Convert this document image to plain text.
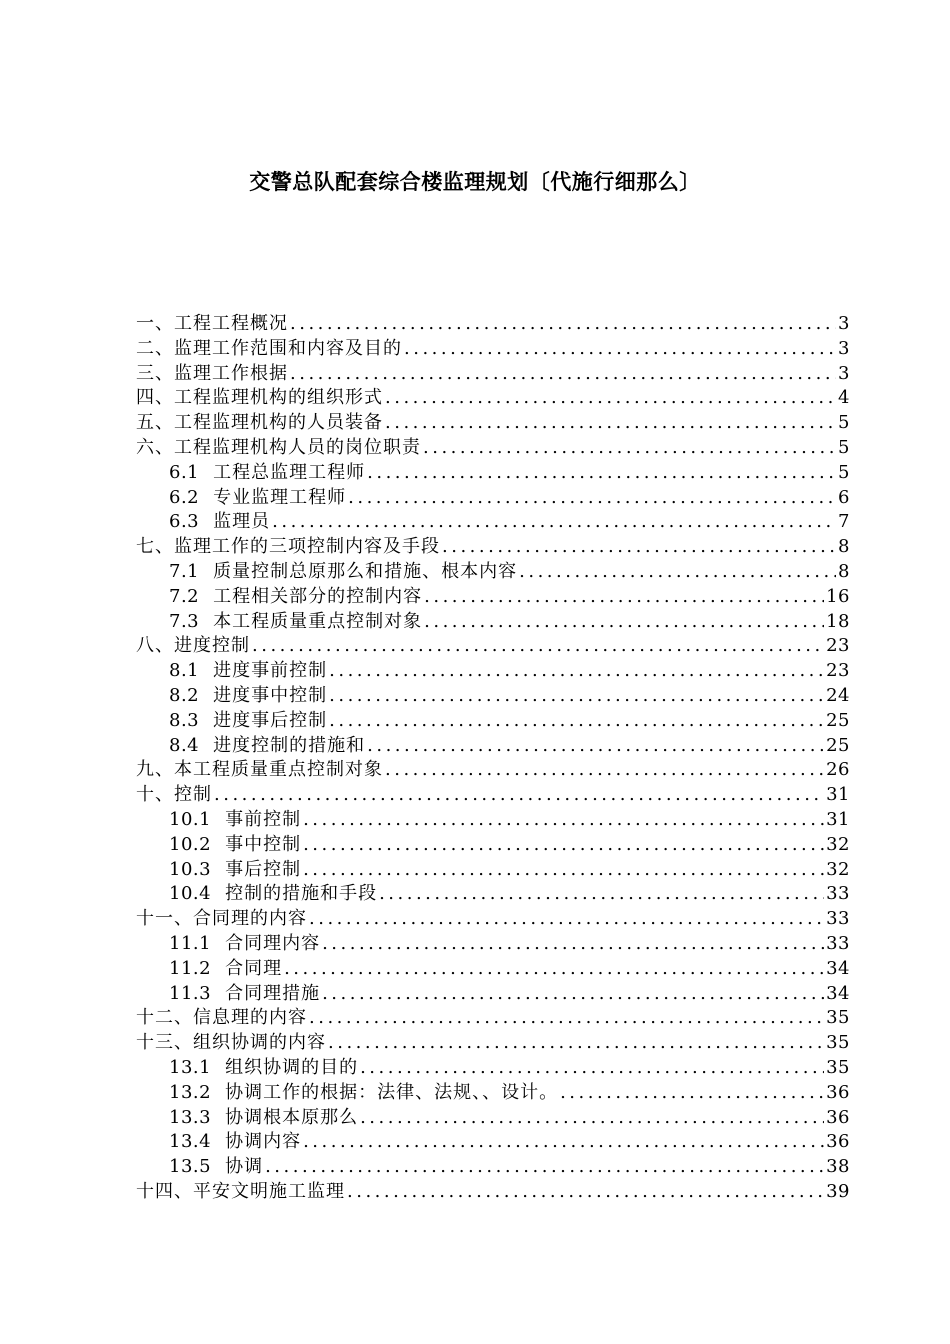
交警总队配套综合楼监理规划〔代施行细那么〕
一、工程工程概况 .....	3
二、监理工作范围和内容及目的 .....	3
三、监理工作根据 .....	3
四、工程监理机构的组织形式 .....	4
五、工程监理机构的人员装备 .....	5
六、工程监理机构人员的岗位职责 .....	5
6.1 工程总监理工程师 .....	5
6.2 专业监理工程师 .....	6
6.3 监理员 .....	7
七、监理工作的三项控制内容及手段 .....	8
7.1 质量控制总原那么和措施、根本内容 .....	8
7.2 工程相关部分的控制内容 .....	16
7.3 本工程质量重点控制对象 .....	18
八、进度控制 .....	23
8.1 进度事前控制 .....	23
8.2 进度事中控制 .....	24
8.3 进度事后控制 .....	25
8.4 进度控制的措施和 .....	25
九、本工程质量重点控制对象 .....	26
十、控制 .....	31
10.1 事前控制 .....	31
10.2 事中控制 .....	32
10.3 事后控制 .....	32
10.4 控制的措施和手段 .....	33
十一、合同理的内容 .....	33
11.1 合同理内容 .....	33
11.2 合同理 .....	34
11.3 合同理措施 .....	34
十二、信息理的内容 .....	35
十三、组织协调的内容 .....	35
13.1 组织协调的目的 .....	35
13.2 协调工作的根据：法律、法规、、设计。 .....	36
13.3 协调根本原那么 .....	36
13.4 协调内容 .....	36
13.5 协调 .....	38
十四、平安文明施工监理 .....	39
